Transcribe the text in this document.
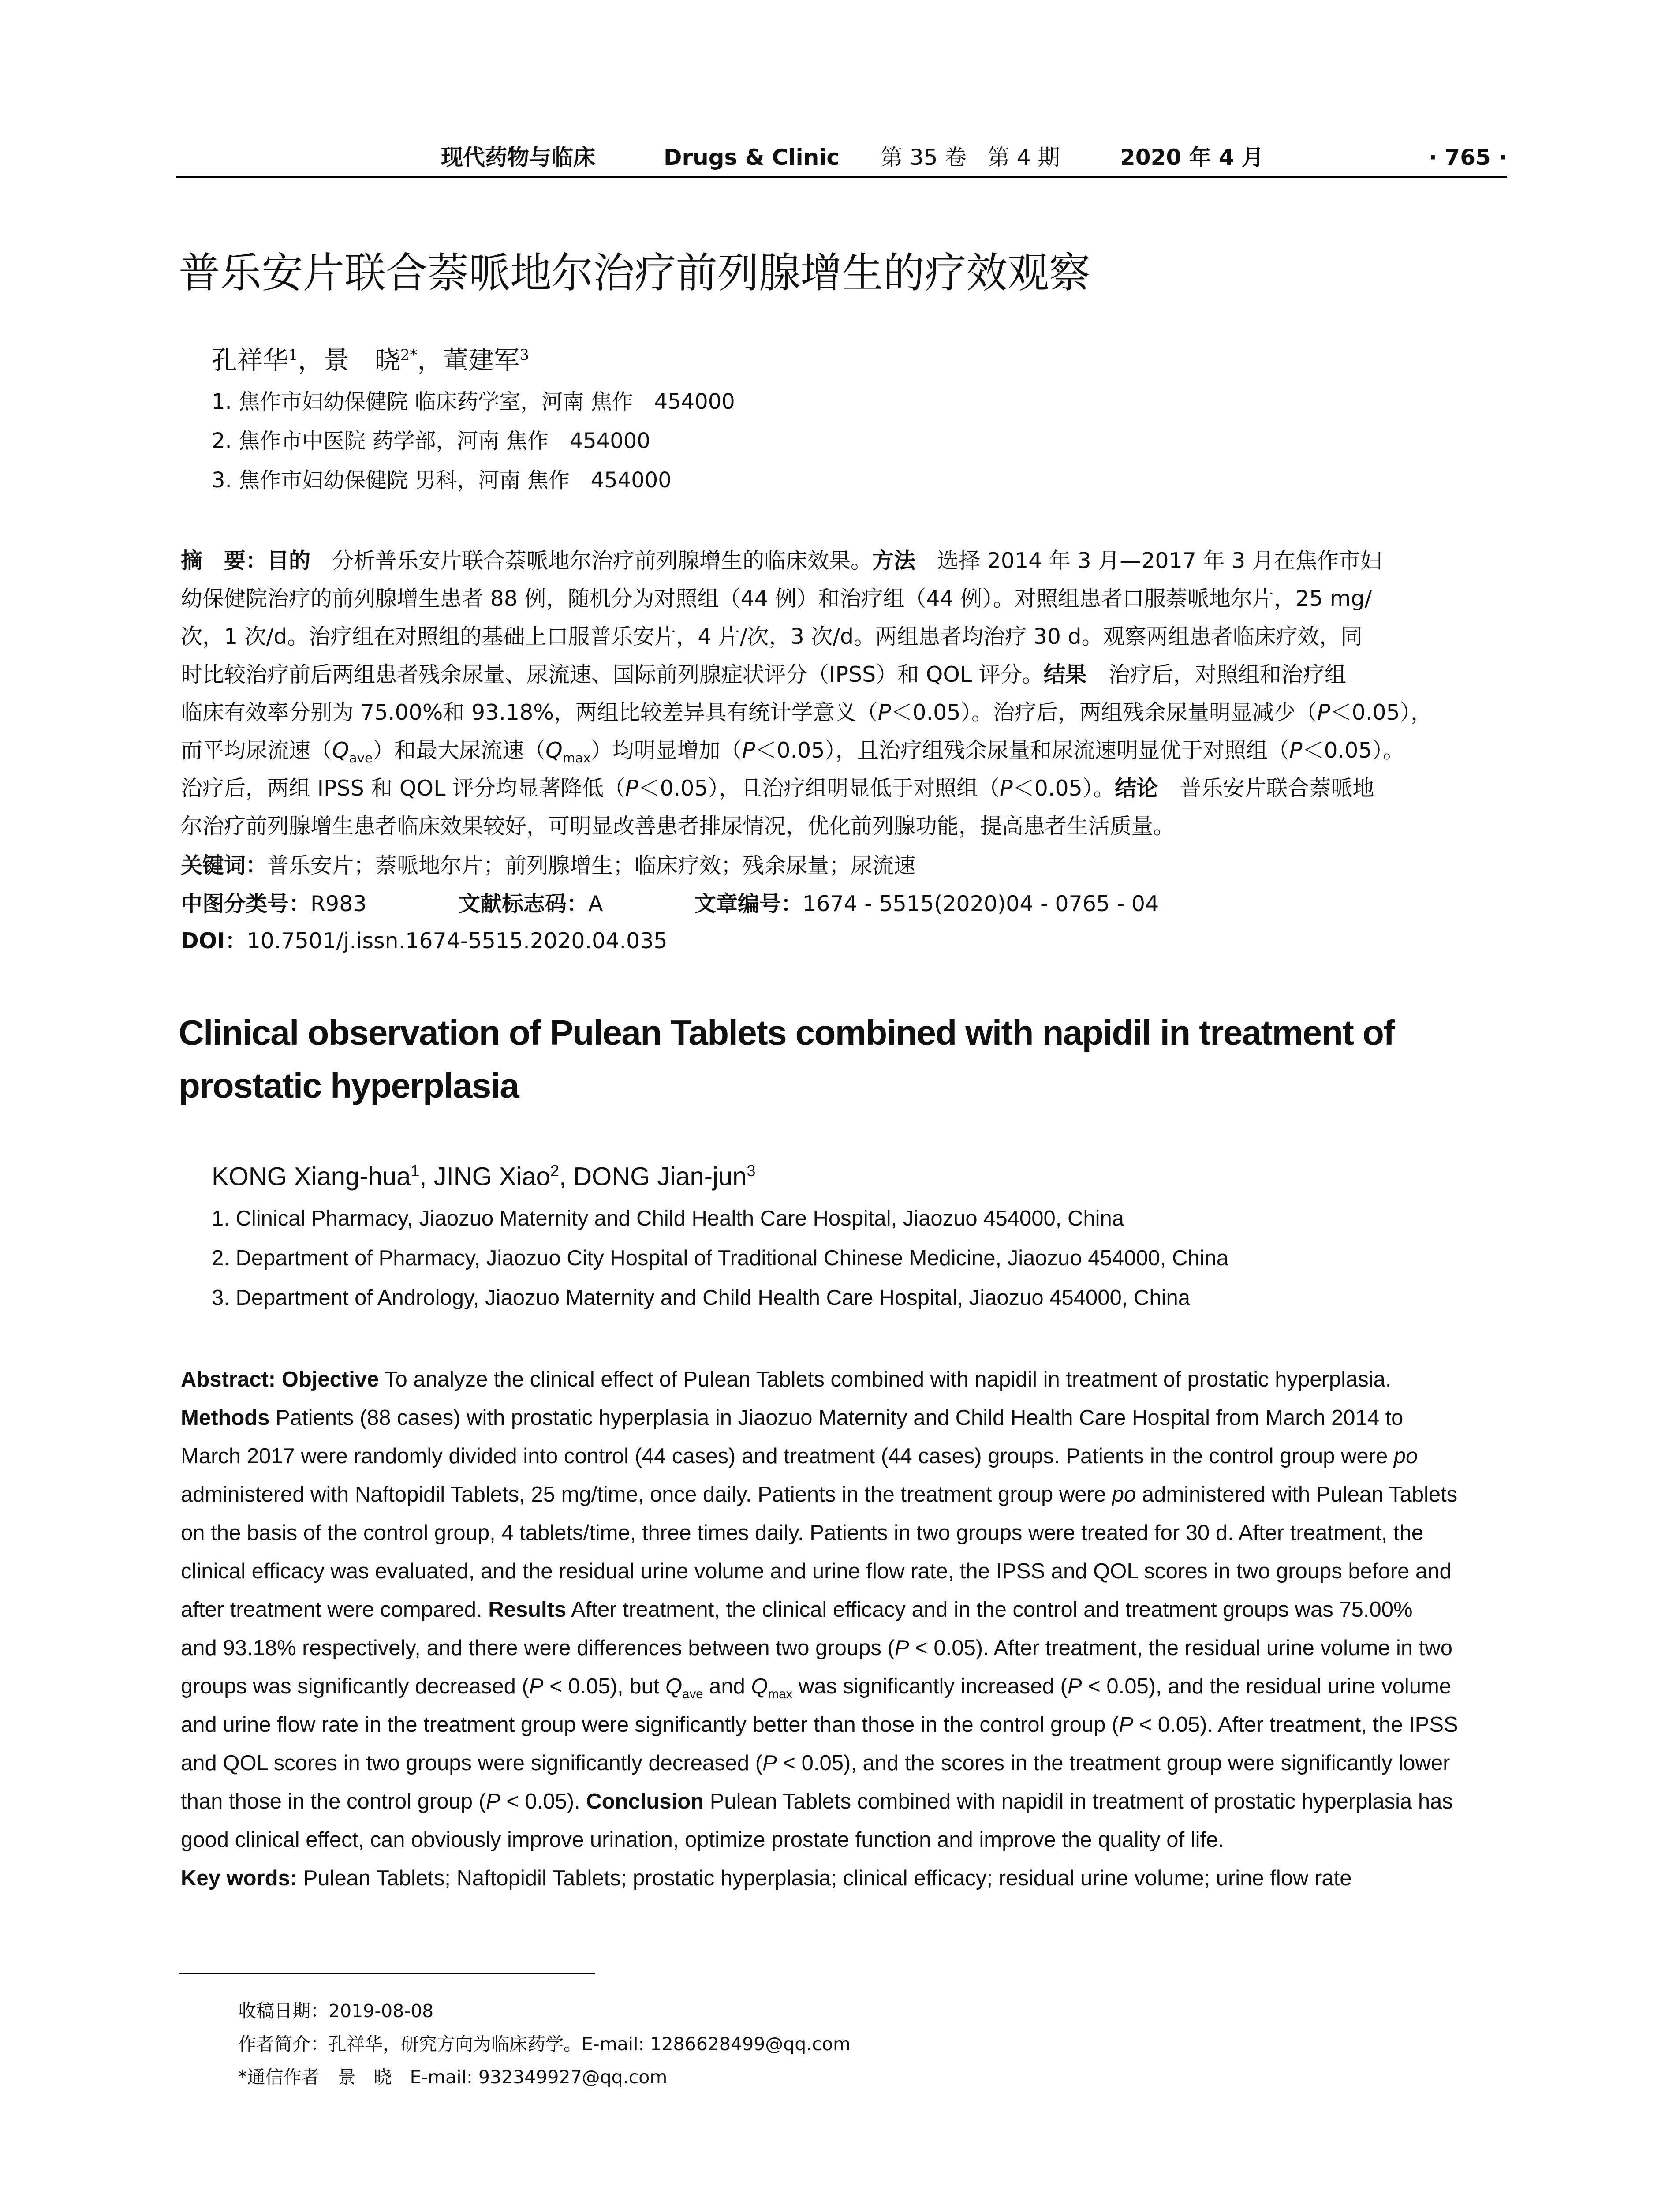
现代药物与临床	Drugs & Clinic 第 35 卷 第 4 期	2020 年 4 月	· 765 ·
普乐安片联合萘哌地尔治疗前列腺增生的疗效观察
孔祥华$^1$，景　晓$^{2*}$，董建军$^3$
1. 焦作市妇幼保健院 临床药学室，河南 焦作　454000
2. 焦作市中医院 药学部，河南 焦作　454000
3. 焦作市妇幼保健院 男科，河南 焦作　454000
摘　要：目的　分析普乐安片联合萘哌地尔治疗前列腺增生的临床效果。方法　选择 2014 年 3 月—2017 年 3 月在焦作市妇
幼保健院治疗的前列腺增生患者 88 例，随机分为对照组（44 例）和治疗组（44 例）。对照组患者口服萘哌地尔片，25 mg/
次，1 次/d。治疗组在对照组的基础上口服普乐安片，4 片/次，3 次/d。两组患者均治疗 30 d。观察两组患者临床疗效，同
时比较治疗前后两组患者残余尿量、尿流速、国际前列腺症状评分（IPSS）和 QOL 评分。结果　治疗后，对照组和治疗组
临床有效率分别为 75.00%和 93.18%，两组比较差异具有统计学意义（P＜0.05）。治疗后，两组残余尿量明显减少（P＜0.05），
而平均尿流速$(Q_{ave})$和最大尿流速$(Q_{max})$均明显增加（P＜0.05），且治疗组残余尿量和尿流速明显优于对照组（P＜0.05）。
治疗后，两组 IPSS 和 QOL 评分均显著降低（P＜0.05），且治疗组明显低于对照组（P＜0.05）。结论　普乐安片联合萘哌地
尔治疗前列腺增生患者临床效果较好，可明显改善患者排尿情况，优化前列腺功能，提高患者生活质量。
关键词：普乐安片；萘哌地尔片；前列腺增生；临床疗效；残余尿量；尿流速
中图分类号：R983	文献标志码：A	文章编号：1674 - 5515(2020)04 - 0765 - 04
DOI：10.7501/j.issn.1674-5515.2020.04.035
Clinical observation of Pulean Tablets combined with napidil in treatment of prostatic hyperplasia
KONG Xiang-hua$^1$, JING Xiao$^2$, DONG Jian-jun$^3$
1. Clinical Pharmacy, Jiaozuo Maternity and Child Health Care Hospital, Jiaozuo 454000, China
2. Department of Pharmacy, Jiaozuo City Hospital of Traditional Chinese Medicine, Jiaozuo 454000, China
3. Department of Andrology, Jiaozuo Maternity and Child Health Care Hospital, Jiaozuo 454000, China
Abstract: Objective To analyze the clinical effect of Pulean Tablets combined with napidil in treatment of prostatic hyperplasia.
Methods Patients (88 cases) with prostatic hyperplasia in Jiaozuo Maternity and Child Health Care Hospital from March 2014 to
March 2017 were randomly divided into control (44 cases) and treatment (44 cases) groups. Patients in the control group were po
administered with Naftopidil Tablets, 25 mg/time, once daily. Patients in the treatment group were po administered with Pulean Tablets
on the basis of the control group, 4 tablets/time, three times daily. Patients in two groups were treated for 30 d. After treatment, the
clinical efficacy was evaluated, and the residual urine volume and urine flow rate, the IPSS and QOL scores in two groups before and
after treatment were compared. Results After treatment, the clinical efficacy and in the control and treatment groups was 75.00%
and 93.18% respectively, and there were differences between two groups (P < 0.05). After treatment, the residual urine volume in two
groups was significantly decreased (P < 0.05), but $Q_{ave}$ and $Q_{max}$ was significantly increased (P < 0.05), and the residual urine volume
and urine flow rate in the treatment group were significantly better than those in the control group (P < 0.05). After treatment, the IPSS
and QOL scores in two groups were significantly decreased (P < 0.05), and the scores in the treatment group were significantly lower
than those in the control group (P < 0.05). Conclusion Pulean Tablets combined with napidil in treatment of prostatic hyperplasia has
good clinical effect, can obviously improve urination, optimize prostate function and improve the quality of life.
Key words: Pulean Tablets; Naftopidil Tablets; prostatic hyperplasia; clinical efficacy; residual urine volume; urine flow rate
收稿日期：2019-08-08
作者简介：孔祥华，研究方向为临床药学。E-mail: 1286628499@qq.com
*通信作者　景　晓　E-mail: 932349927@qq.com
